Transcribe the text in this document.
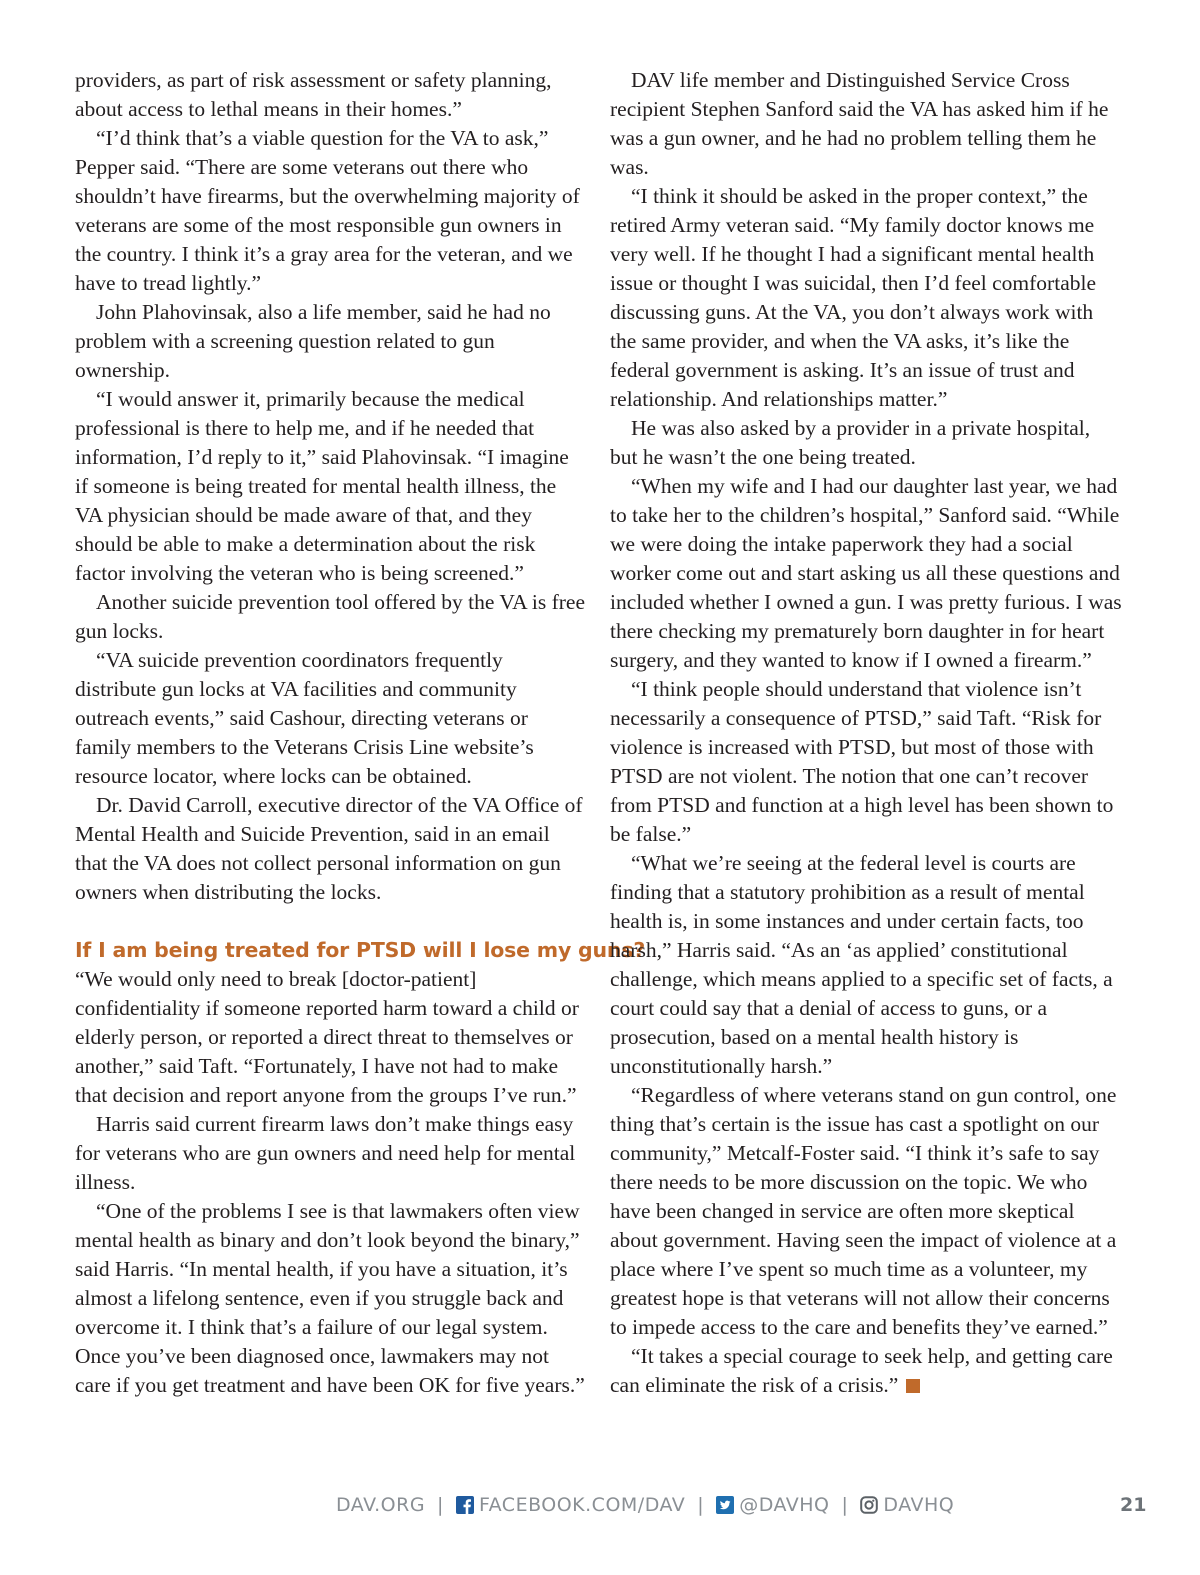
providers, as part of risk assessment or safety planning, about access to lethal means in their homes.”

“I’d think that’s a viable question for the VA to ask,” Pepper said. “There are some veterans out there who shouldn’t have firearms, but the overwhelming majority of veterans are some of the most responsible gun owners in the country. I think it’s a gray area for the veteran, and we have to tread lightly.”

John Plahovinsak, also a life member, said he had no problem with a screening question related to gun ownership.

“I would answer it, primarily because the medical professional is there to help me, and if he needed that information, I’d reply to it,” said Plahovinsak. “I imagine if someone is being treated for mental health illness, the VA physician should be made aware of that, and they should be able to make a determination about the risk factor involving the veteran who is being screened.”

Another suicide prevention tool offered by the VA is free gun locks.

“VA suicide prevention coordinators frequently distribute gun locks at VA facilities and community outreach events,” said Cashour, directing veterans or family members to the Veterans Crisis Line website’s resource locator, where locks can be obtained.

Dr. David Carroll, executive director of the VA Office of Mental Health and Suicide Prevention, said in an email that the VA does not collect personal information on gun owners when distributing the locks.

If I am being treated for PTSD will I lose my guns?

“We would only need to break [doctor-patient] confidentiality if someone reported harm toward a child or elderly person, or reported a direct threat to themselves or another,” said Taft. “Fortunately, I have not had to make that decision and report anyone from the groups I’ve run.”

Harris said current firearm laws don’t make things easy for veterans who are gun owners and need help for mental illness.

“One of the problems I see is that lawmakers often view mental health as binary and don’t look beyond the binary,” said Harris. “In mental health, if you have a situation, it’s almost a lifelong sentence, even if you struggle back and overcome it. I think that’s a failure of our legal system. Once you’ve been diagnosed once, lawmakers may not care if you get treatment and have been OK for five years.”

DAV life member and Distinguished Service Cross recipient Stephen Sanford said the VA has asked him if he was a gun owner, and he had no problem telling them he was.

“I think it should be asked in the proper context,” the retired Army veteran said. “My family doctor knows me very well. If he thought I had a significant mental health issue or thought I was suicidal, then I’d feel comfortable discussing guns. At the VA, you don’t always work with the same provider, and when the VA asks, it’s like the federal government is asking. It’s an issue of trust and relationship. And relationships matter.”

He was also asked by a provider in a private hospital, but he wasn’t the one being treated.

“When my wife and I had our daughter last year, we had to take her to the children’s hospital,” Sanford said. “While we were doing the intake paperwork they had a social worker come out and start asking us all these questions and included whether I owned a gun. I was pretty furious. I was there checking my prematurely born daughter in for heart surgery, and they wanted to know if I owned a firearm.”

“I think people should understand that violence isn’t necessarily a consequence of PTSD,” said Taft. “Risk for violence is increased with PTSD, but most of those with PTSD are not violent. The notion that one can’t recover from PTSD and function at a high level has been shown to be false.”

“What we’re seeing at the federal level is courts are finding that a statutory prohibition as a result of mental health is, in some instances and under certain facts, too harsh,” Harris said. “As an ‘as applied’ constitutional challenge, which means applied to a specific set of facts, a court could say that a denial of access to guns, or a prosecution, based on a mental health history is unconstitutionally harsh.”

“Regardless of where veterans stand on gun control, one thing that’s certain is the issue has cast a spotlight on our community,” Metcalf-Foster said. “I think it’s safe to say there needs to be more discussion on the topic. We who have been changed in service are often more skeptical about government. Having seen the impact of violence at a place where I’ve spent so much time as a volunteer, my greatest hope is that veterans will not allow their concerns to impede access to the care and benefits they’ve earned.”

“It takes a special courage to seek help, and getting care can eliminate the risk of a crisis.”

DAV.ORG | FACEBOOK.COM/DAV | @DAVHQ | DAVHQ	21
